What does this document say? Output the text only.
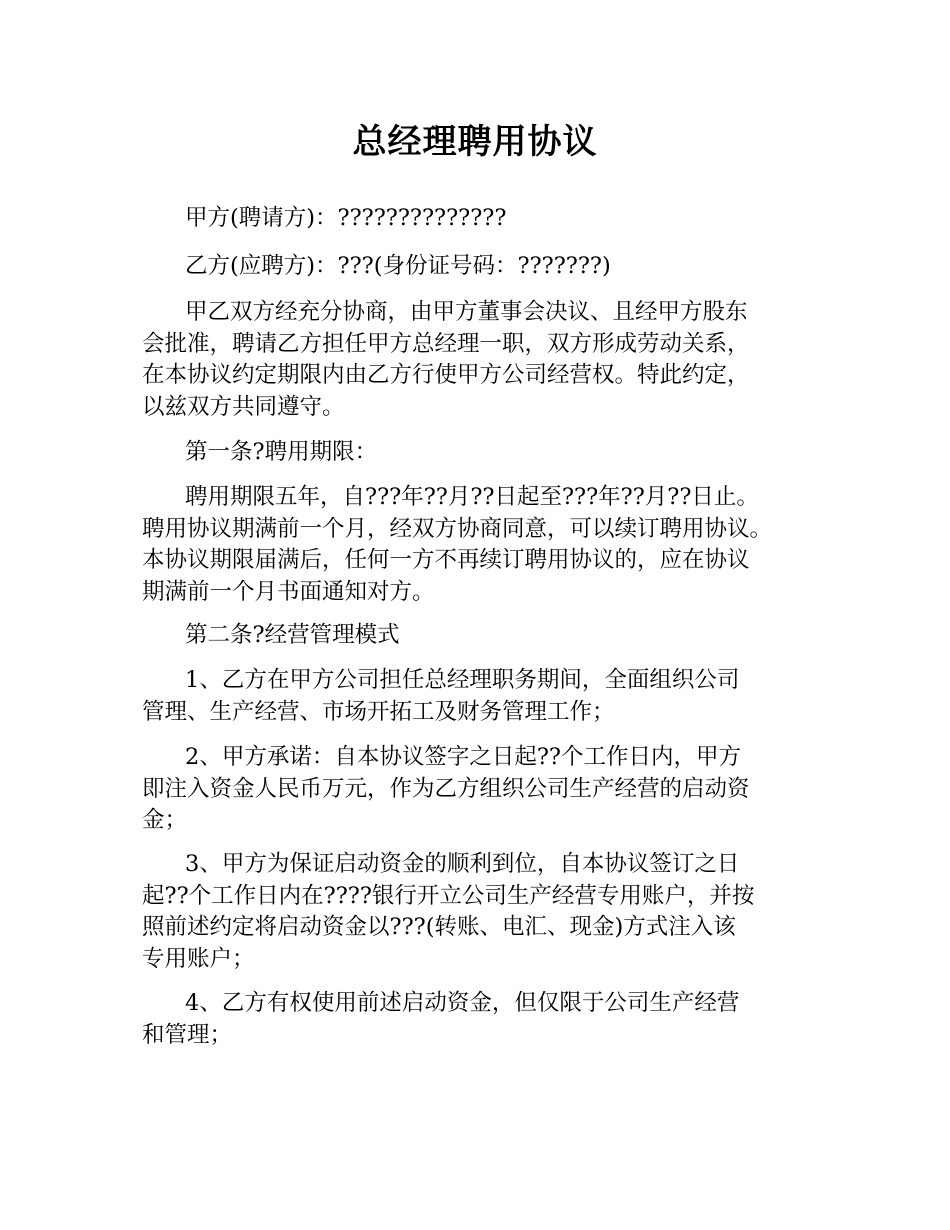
总经理聘用协议

甲方(聘请方)：??????????????

乙方(应聘方)：???(身份证号码：???????)

甲乙双方经充分协商，由甲方董事会决议、且经甲方股东
会批准，聘请乙方担任甲方总经理一职，双方形成劳动关系，
在本协议约定期限内由乙方行使甲方公司经营权。特此约定，
以兹双方共同遵守。

第一条?聘用期限：

聘用期限五年，自???年??月??日起至???年??月??日止。
聘用协议期满前一个月，经双方协商同意，可以续订聘用协议。
本协议期限届满后，任何一方不再续订聘用协议的，应在协议
期满前一个月书面通知对方。

第二条?经营管理模式

1、乙方在甲方公司担任总经理职务期间，全面组织公司
管理、生产经营、市场开拓工及财务管理工作；

2、甲方承诺：自本协议签字之日起??个工作日内，甲方
即注入资金人民币万元，作为乙方组织公司生产经营的启动资
金；

3、甲方为保证启动资金的顺利到位，自本协议签订之日
起??个工作日内在????银行开立公司生产经营专用账户，并按
照前述约定将启动资金以???(转账、电汇、现金)方式注入该
专用账户；

4、乙方有权使用前述启动资金，但仅限于公司生产经营
和管理；
